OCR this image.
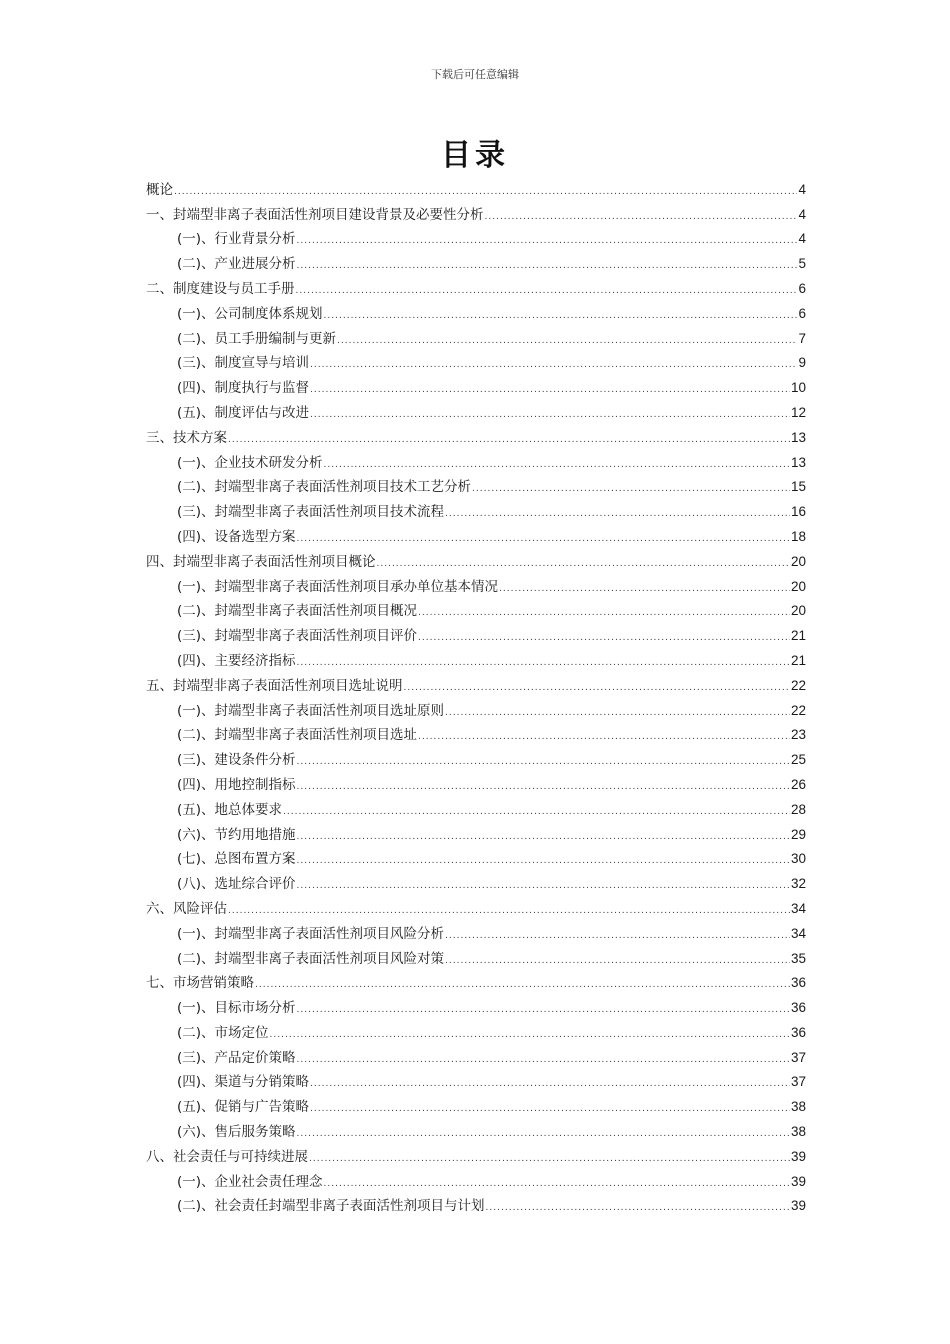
下载后可任意编辑
目录
概论 .....	4
一、封端型非离子表面活性剂项目建设背景及必要性分析 .....	4
(一)、行业背景分析 .....	4
(二)、产业进展分析 .....	5
二、制度建设与员工手册 .....	6
(一)、公司制度体系规划 .....	6
(二)、员工手册编制与更新 .....	7
(三)、制度宣导与培训 .....	9
(四)、制度执行与监督 .....	10
(五)、制度评估与改进 .....	12
三、技术方案 .....	13
(一)、企业技术研发分析 .....	13
(二)、封端型非离子表面活性剂项目技术工艺分析 .....	15
(三)、封端型非离子表面活性剂项目技术流程 .....	16
(四)、设备选型方案 .....	18
四、封端型非离子表面活性剂项目概论 .....	20
(一)、封端型非离子表面活性剂项目承办单位基本情况 .....	20
(二)、封端型非离子表面活性剂项目概况 .....	20
(三)、封端型非离子表面活性剂项目评价 .....	21
(四)、主要经济指标 .....	21
五、封端型非离子表面活性剂项目选址说明 .....	22
(一)、封端型非离子表面活性剂项目选址原则 .....	22
(二)、封端型非离子表面活性剂项目选址 .....	23
(三)、建设条件分析 .....	25
(四)、用地控制指标 .....	26
(五)、地总体要求 .....	28
(六)、节约用地措施 .....	29
(七)、总图布置方案 .....	30
(八)、选址综合评价 .....	32
六、风险评估 .....	34
(一)、封端型非离子表面活性剂项目风险分析 .....	34
(二)、封端型非离子表面活性剂项目风险对策 .....	35
七、市场营销策略 .....	36
(一)、目标市场分析 .....	36
(二)、市场定位 .....	36
(三)、产品定价策略 .....	37
(四)、渠道与分销策略 .....	37
(五)、促销与广告策略 .....	38
(六)、售后服务策略 .....	38
八、社会责任与可持续进展 .....	39
(一)、企业社会责任理念 .....	39
(二)、社会责任封端型非离子表面活性剂项目与计划 .....	39
